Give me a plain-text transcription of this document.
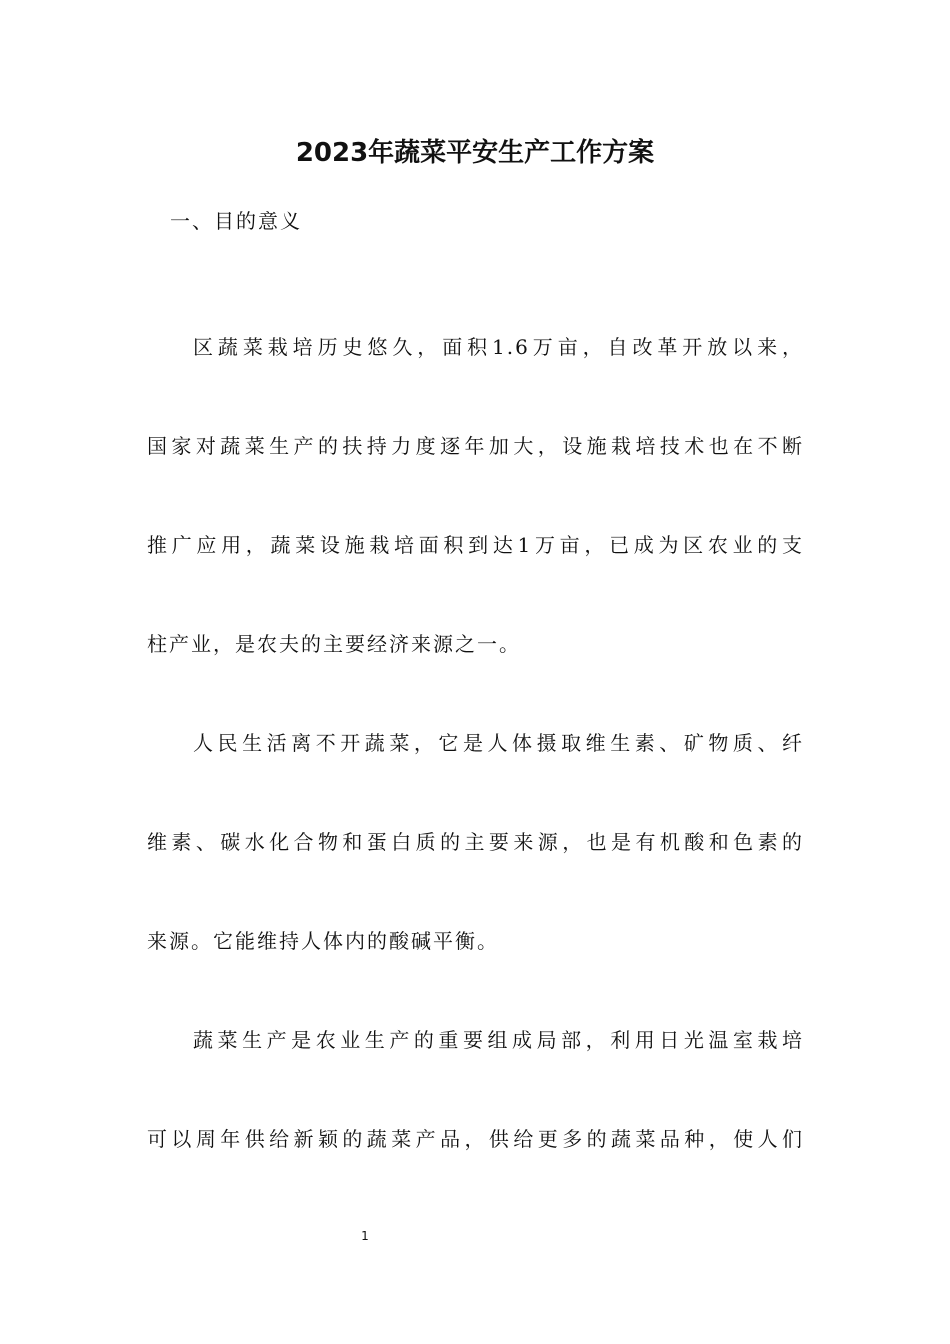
2023年蔬菜平安生产工作方案
一、目的意义
区蔬菜栽培历史悠久，面积1.6万亩，自改革开放以来，
国家对蔬菜生产的扶持力度逐年加大，设施栽培技术也在不断
推广应用，蔬菜设施栽培面积到达1万亩，已成为区农业的支
柱产业，是农夫的主要经济来源之一。
人民生活离不开蔬菜，它是人体摄取维生素、矿物质、纤
维素、碳水化合物和蛋白质的主要来源，也是有机酸和色素的
来源。它能维持人体内的酸碱平衡。
蔬菜生产是农业生产的重要组成局部，利用日光温室栽培
可以周年供给新颖的蔬菜产品，供给更多的蔬菜品种，使人们
1
